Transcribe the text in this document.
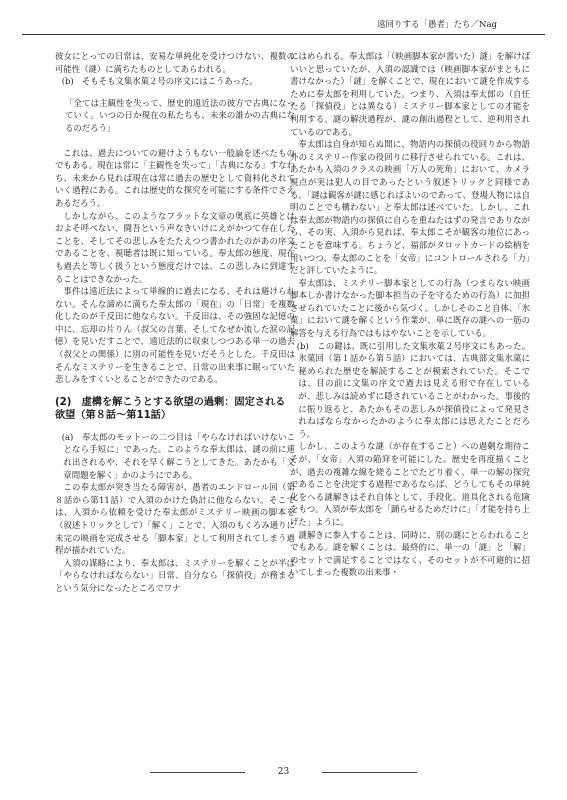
遠回りする「愚者」たち／Nag

彼女にとっての日常は、安易な単純化を受けつけない、複数の可能性（謎）に満ちたものとしてあらわれる。

(b)　そもそも文集氷菓２号の序文にはこうあった。

「全ては主観性を失って、歴史的遠近法の彼方で古典になっていく。いつの日か現在の私たちも、未来の誰かの古典になるのだろう」

これは、過去についての避けようもない一般論を述べたものでもある。現在は常に「主観性を失って」「古典になる」すなわち、未来から見れば現在は常に過去の歴史として資料化されていく過程にある。これは歴史的な探究を可能にする条件でさえあるだろう。

しかしながら、このようなフラットな文章の奥底に英雄とはおよそ呼べない、闘吾という声なきいけにえがかつて存在したことを、そしてその悲しみをたたえつつ書かれたのがあの序文であることを、視聴者は既に知っている。奉太郎の態度、現在も過去と等しく扱うという態度だけでは、この悲しみに到達することはできなかった。

事件は遠近法によって単線的に過去になる、それは避けられない。そんな諦めに満ちた奉太郎の「現在」の「日常」を複数化したのが千反田に他ならない。千反田は、その強固な記憶の中に、忘却の片りん（叔父の言葉、そしてなぜか流した涙の記憶）を見いだすことで、遠近法的に収束しつつある単一の過去（叔父との関係）に別の可能性を見いだそうとした。千反田はそんなミステリーを生きることで、日常の出来事に眠っていた悲しみをすくいとることができたのである。

(2)　虚構を解こうとする欲望の過剰：固定される欲望（第８話〜第11話）

(a)　奉太郎のモットーの二つ目は「やらなければいけないことなら手短に」であった。このような奉太郎は、謎の前に連れ出されるや、それを早く解こうとしてきた。あたかも「文章問題を解く」かのようにである。

この奉太郎が突き当たる障害が、愚者のエンドロール回（第８話から第11話）で入須のかけた偽計に他ならない。そこでは、入須から依頼を受けた奉太郎がミステリー映画の脚本を（叙述トリックとして）「解く」ことで、入須のもくろみ通りに未完の映画を完成させる「脚本家」として利用されてしまう過程が描かれていた。

入須の謀略により、奉太郎は、ミステリーを解くことが半ば「やらなければならない」日常、自分なら「探偵役」が務まるという気分になったところでワナ

にはめられる。奉太郎は「（映画脚本家が書いた）謎」を解けばいいと思っていたが、入須の認識では（映画脚本家がまともに書けなかった）「謎」を解くことで、現在において謎を作成するために奉太郎を利用していた。つまり、入須は奉太郎の（自任たる「探偵役」とは異なる）ミステリー脚本家としての才能を利用する。謎の解決過程が、謎の創出過程として、逆利用されているのである。

奉太郎は自身が知らぬ間に、物語内の探偵の役回りから物語外のミステリー作家の役回りに移行させられている。これは、あたかも入須のクラスの映画「万人の死角」において、カメラ視点が実は犯人の目であったという叙述トリックと同様である。「謎は観客が謎に感じればよいのであって、登場人物には自明のことでも構わない」と奉太郎は述べていた。しかし、これは奉太郎が物語内の探偵に自らを重ねたはずの発言でありながら、その実、入須から見れば、奉太郎こそが観客の地位にあったことを意味する。ちょうど、福部がタロットカードの絵柄を用いつつ、奉太郎のことを「女帝」にコントロールされる「力」だと評していたように。

奉太郎は、ミステリー脚本家としての行為（つまらない映画脚本しか書けなかった脚本担当の子を守るための行為）に加担させられていたことに後から気づく。しかしそのこと自体、「氷菓」において謎を解くという作業が、単に既存の謎への一筋の解答を与える行為ではもはやないことを示している。

(b)　この鍵は、既に引用した文集氷菓２号序文にもあった。氷菓回（第１話から第５話）においては、古典部文集氷菓に秘められた歴史を解読することが模索されていた。そこでは、目の前に文集の序文で過去は見える形で存在しているが、悲しみは読めずに隠されていることがわかった。事後的に振り返ると、あたかもその悲しみが探偵役によって発見されねばならなかったかのように奉太郎には思えたことだろう。

しかし、このような謎（が存在すること）への過剰な期待こそが、「女帝」入須の陥穽を可能にした。歴史を再度描くことが、過去の複雑な線を縒ることでたどり着く、単一の解の探究であることを決定する過程であるならば、どうしてもその単純化をへる謎解きはそれ自体として、手段化、道具化される危険をもつ。入須が奉太郎を「踊らせるためだけに」「才能を持ち上げた」ように。

謎解きに参入することは、同時に、別の謎にとらわれることでもある。謎を解くことは、最終的に、単一の「謎」と「解」のセットで満足することではなく、そのセットが不可避的に招いてしまった複数の出来事・

23
